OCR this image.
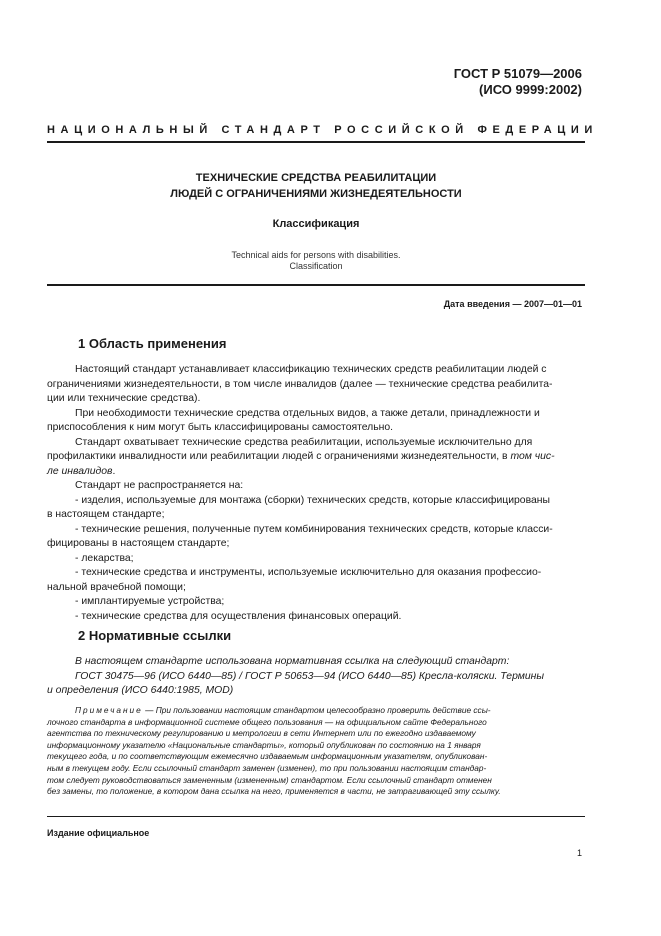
ГОСТ Р 51079—2006
(ИСО 9999:2002)
НАЦИОНАЛЬНЫЙ СТАНДАРТ РОССИЙСКОЙ ФЕДЕРАЦИИ
ТЕХНИЧЕСКИЕ СРЕДСТВА РЕАБИЛИТАЦИИ
ЛЮДЕЙ С ОГРАНИЧЕНИЯМИ ЖИЗНЕДЕЯТЕЛЬНОСТИ
Классификация
Technical aids for persons with disabilities.
Classification
Дата введения — 2007—01—01
1 Область применения

Настоящий стандарт устанавливает классификацию технических средств реабилитации людей с

ограничениями жизнедеятельности, в том числе инвалидов (далее — технические средства реабилита-

ции или технические средства).

При необходимости технические средства отдельных видов, а также детали, принадлежности и

приспособления к ним могут быть классифицированы самостоятельно.

Стандарт охватывает технические средства реабилитации, используемые исключительно для

профилактики инвалидности или реабилитации людей с ограничениями жизнедеятельности, в том чис-

ле инвалидов.

Стандарт не распространяется на:

- изделия, используемые для монтажа (сборки) технических средств, которые классифицированы

в настоящем стандарте;

- технические решения, полученные путем комбинирования технических средств, которые класси-

фицированы в настоящем стандарте;

- лекарства;

- технические средства и инструменты, используемые исключительно для оказания профессио-

нальной врачебной помощи;

- имплантируемые устройства;

- технические средства для осуществления финансовых операций.

2 Нормативные ссылки

В настоящем стандарте использована нормативная ссылка на следующий стандарт:

ГОСТ 30475—96 (ИСО 6440—85) / ГОСТ Р 50653—94 (ИСО 6440—85) Кресла-коляски. Термины

и определения (ИСО 6440:1985, MOD)

Примечание — При пользовании настоящим стандартом целесообразно проверить действие ссы-

лочного стандарта в информационной системе общего пользования — на официальном сайте Федерального

агентства по техническому регулированию и метрологии в сети Интернет или по ежегодно издаваемому

информационному указателю «Национальные стандарты», который опубликован по состоянию на 1 января

текущего года, и по соответствующим ежемесячно издаваемым информационным указателям, опубликован-

ным в текущем году. Если ссылочный стандарт заменен (изменен), то при пользовании настоящим стандар-

том следует руководствоваться замененным (измененным) стандартом. Если ссылочный стандарт отменен

без замены, то положение, в котором дана ссылка на него, применяется в части, не затрагивающей эту ссылку.

Издание официальное
1
